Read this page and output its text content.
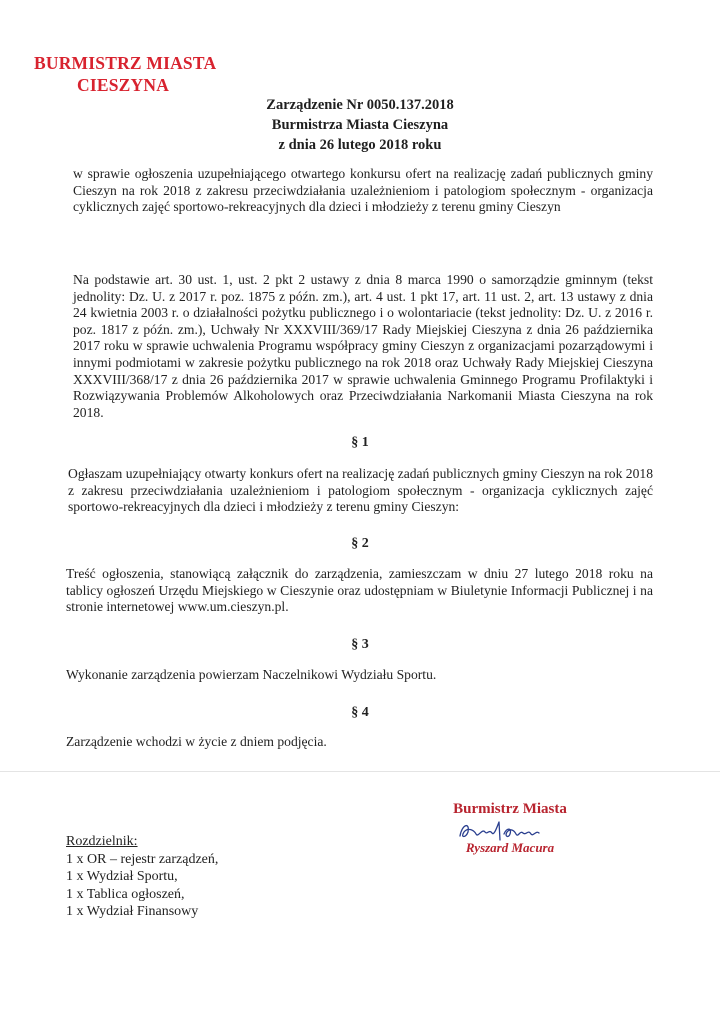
BURMISTRZ MIASTA
CIESZYNA
Zarządzenie Nr 0050.137.2018
Burmistrza Miasta Cieszyna
z dnia 26 lutego 2018 roku
w sprawie ogłoszenia uzupełniającego otwartego konkursu ofert na realizację zadań publicznych gminy Cieszyn na rok 2018 z zakresu przeciwdziałania uzależnieniom i patologiom społecznym - organizacja cyklicznych zajęć sportowo-rekreacyjnych dla dzieci i młodzieży z terenu gminy Cieszyn
Na podstawie art. 30 ust. 1, ust. 2 pkt 2 ustawy z dnia 8 marca 1990 o samorządzie gminnym (tekst jednolity: Dz. U. z 2017 r. poz. 1875 z późn. zm.), art. 4 ust. 1 pkt 17, art. 11 ust. 2, art. 13 ustawy z dnia 24 kwietnia 2003 r. o działalności pożytku publicznego i o wolontariacie (tekst jednolity: Dz. U. z 2016 r. poz. 1817 z późn. zm.), Uchwały Nr XXXVIII/369/17 Rady Miejskiej Cieszyna z dnia 26 października 2017 roku w sprawie uchwalenia Programu współpracy gminy Cieszyn z organizacjami pozarządowymi i innymi podmiotami w zakresie pożytku publicznego na rok 2018 oraz Uchwały Rady Miejskiej Cieszyna XXXVIII/368/17 z dnia 26 października 2017 w sprawie uchwalenia Gminnego Programu Profilaktyki i Rozwiązywania Problemów Alkoholowych oraz Przeciwdziałania Narkomanii Miasta Cieszyna na rok 2018.
§ 1
Ogłaszam uzupełniający otwarty konkurs ofert na realizację zadań publicznych gminy Cieszyn na rok 2018 z zakresu przeciwdziałania uzależnieniom i patologiom społecznym - organizacja cyklicznych zajęć sportowo-rekreacyjnych dla dzieci i młodzieży z terenu gminy Cieszyn:
§ 2
Treść ogłoszenia, stanowiącą załącznik do zarządzenia, zamieszczam w dniu 27 lutego 2018 roku na tablicy ogłoszeń Urzędu Miejskiego w Cieszynie oraz udostępniam w Biuletynie Informacji Publicznej i na stronie internetowej www.um.cieszyn.pl.
§ 3
Wykonanie zarządzenia powierzam Naczelnikowi Wydziału Sportu.
§ 4
Zarządzenie wchodzi w życie z dniem podjęcia.
Burmistrz Miasta
Ryszard Macura
Rozdzielnik:
1 x OR – rejestr zarządzeń,
1 x Wydział Sportu,
1 x Tablica ogłoszeń,
1 x Wydział Finansowy
